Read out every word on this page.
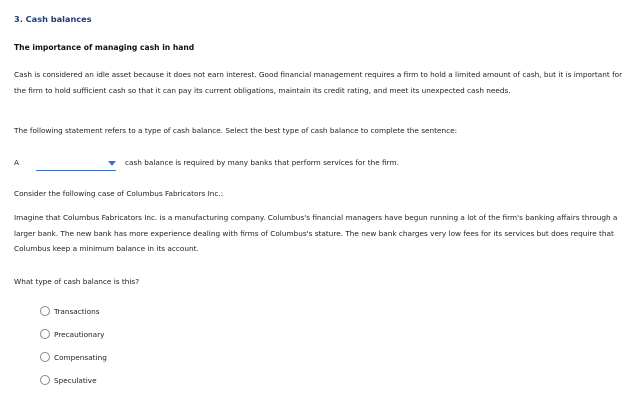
3. Cash balances
The importance of managing cash in hand
Cash is considered an idle asset because it does not earn interest. Good financial management requires a firm to hold a limited amount of cash, but it is important for the firm to hold sufficient cash so that it can pay its current obligations, maintain its credit rating, and meet its unexpected cash needs.
The following statement refers to a type of cash balance. Select the best type of cash balance to complete the sentence:
A	cash balance is required by many banks that perform services for the firm.
Consider the following case of Columbus Fabricators Inc.:
Imagine that Columbus Fabricators Inc. is a manufacturing company. Columbus's financial managers have begun running a lot of the firm's banking affairs through a larger bank. The new bank has more experience dealing with firms of Columbus's stature. The new bank charges very low fees for its services but does require that Columbus keep a minimum balance in its account.
What type of cash balance is this?
Transactions
Precautionary
Compensating
Speculative
